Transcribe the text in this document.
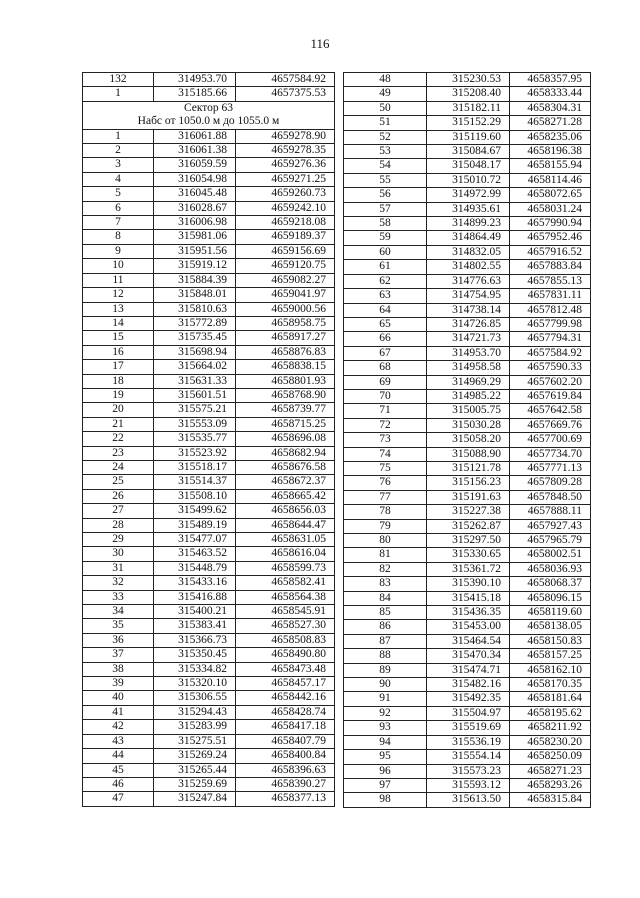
116
132	314953.70	4657584.92
1	315185.66	4657375.53

Сектор 63
Набс от 1050.0 м до 1055.0 м		

1	316061.88	4659278.90
2	316061.38	4659278.35
3	316059.59	4659276.36
4	316054.98	4659271.25
5	316045.48	4659260.73
6	316028.67	4659242.10
7	316006.98	4659218.08
8	315981.06	4659189.37
9	315951.56	4659156.69
10	315919.12	4659120.75
11	315884.39	4659082.27
12	315848.01	4659041.97
13	315810.63	4659000.56
14	315772.89	4658958.75
15	315735.45	4658917.27
16	315698.94	4658876.83
17	315664.02	4658838.15
18	315631.33	4658801.93
19	315601.51	4658768.90
20	315575.21	4658739.77
21	315553.09	4658715.25
22	315535.77	4658696.08
23	315523.92	4658682.94
24	315518.17	4658676.58
25	315514.37	4658672.37
26	315508.10	4658665.42
27	315499.62	4658656.03
28	315489.19	4658644.47
29	315477.07	4658631.05
30	315463.52	4658616.04
31	315448.79	4658599.73
32	315433.16	4658582.41
33	315416.88	4658564.38
34	315400.21	4658545.91
35	315383.41	4658527.30
36	315366.73	4658508.83
37	315350.45	4658490.80
38	315334.82	4658473.48
39	315320.10	4658457.17
40	315306.55	4658442.16
41	315294.43	4658428.74
42	315283.99	4658417.18
43	315275.51	4658407.79
44	315269.24	4658400.84
45	315265.44	4658396.63
46	315259.69	4658390.27
47	315247.84	4658377.13
48	315230.53	4658357.95
49	315208.40	4658333.44
50	315182.11	4658304.31
51	315152.29	4658271.28
52	315119.60	4658235.06
53	315084.67	4658196.38
54	315048.17	4658155.94
55	315010.72	4658114.46
56	314972.99	4658072.65
57	314935.61	4658031.24
58	314899.23	4657990.94
59	314864.49	4657952.46
60	314832.05	4657916.52
61	314802.55	4657883.84
62	314776.63	4657855.13
63	314754.95	4657831.11
64	314738.14	4657812.48
65	314726.85	4657799.98
66	314721.73	4657794.31
67	314953.70	4657584.92
68	314958.58	4657590.33
69	314969.29	4657602.20
70	314985.22	4657619.84
71	315005.75	4657642.58
72	315030.28	4657669.76
73	315058.20	4657700.69
74	315088.90	4657734.70
75	315121.78	4657771.13
76	315156.23	4657809.28
77	315191.63	4657848.50
78	315227.38	4657888.11
79	315262.87	4657927.43
80	315297.50	4657965.79
81	315330.65	4658002.51
82	315361.72	4658036.93
83	315390.10	4658068.37
84	315415.18	4658096.15
85	315436.35	4658119.60
86	315453.00	4658138.05
87	315464.54	4658150.83
88	315470.34	4658157.25
89	315474.71	4658162.10
90	315482.16	4658170.35
91	315492.35	4658181.64
92	315504.97	4658195.62
93	315519.69	4658211.92
94	315536.19	4658230.20
95	315554.14	4658250.09
96	315573.23	4658271.23
97	315593.12	4658293.26
98	315613.50	4658315.84
